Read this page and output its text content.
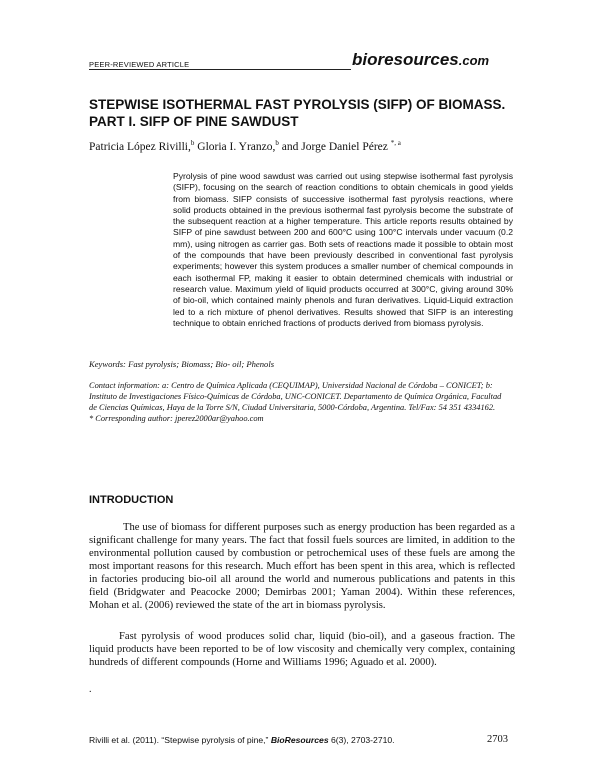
PEER-REVIEWED ARTICLE	bioresources.com
STEPWISE ISOTHERMAL FAST PYROLYSIS (SIFP) OF BIOMASS. PART I. SIFP OF PINE SAWDUST
Patricia López Rivilli,$^b$ Gloria I. Yranzo,$^b$ and Jorge Daniel Pérez $^{*, a}$
Pyrolysis of pine wood sawdust was carried out using stepwise isothermal fast pyrolysis (SIFP), focusing on the search of reaction conditions to obtain chemicals in good yields from biomass. SIFP consists of successive isothermal fast pyrolysis reactions, where solid products obtained in the previous isothermal fast pyrolysis become the substrate of the subsequent reaction at a higher temperature. This article reports results obtained by SIFP of pine sawdust between 200 and 600°C using 100°C intervals under vacuum (0.2 mm), using nitrogen as carrier gas. Both sets of reactions made it possible to obtain most of the compounds that have been previously described in conventional fast pyrolysis experiments; however this system produces a smaller number of chemical compounds in each isothermal FP, making it easier to obtain determined chemicals with industrial or research value. Maximum yield of liquid products occurred at 300°C, giving around 30% of bio-oil, which contained mainly phenols and furan derivatives. Liquid-Liquid extraction led to a rich mixture of phenol derivatives. Results showed that SIFP is an interesting technique to obtain enriched fractions of products derived from biomass pyrolysis.
Keywords: Fast pyrolysis; Biomass; Bio- oil; Phenols
Contact information: a: Centro de Química Aplicada (CEQUIMAP), Universidad Nacional de Córdoba – CONICET; b: Instituto de Investigaciones Físico-Químicas de Córdoba, UNC-CONICET. Departamento de Química Orgánica, Facultad de Ciencias Químicas, Haya de la Torre S/N, Ciudad Universitaria, 5000-Córdoba, Argentina. Tel/Fax: 54 351 4334162.
* Corresponding author: jperez2000ar@yahoo.com
INTRODUCTION
The use of biomass for different purposes such as energy production has been regarded as a significant challenge for many years. The fact that fossil fuels sources are limited, in addition to the environmental pollution caused by combustion or petrochemical uses of these fuels are among the most important reasons for this research. Much effort has been spent in this area, which is reflected in factories producing bio-oil all around the world and numerous publications and patents in this field (Bridgwater and Peacocke 2000; Demirbas 2001; Yaman 2004). Within these references, Mohan et al. (2006) reviewed the state of the art in biomass pyrolysis.
Fast pyrolysis of wood produces solid char, liquid (bio-oil), and a gaseous fraction. The liquid products have been reported to be of low viscosity and chemically very complex, containing hundreds of different compounds (Horne and Williams 1996; Aguado et al. 2000).
.
Rivilli et al. (2011). “Stepwise pyrolysis of pine,” BioResources 6(3), 2703-2710.	2703
